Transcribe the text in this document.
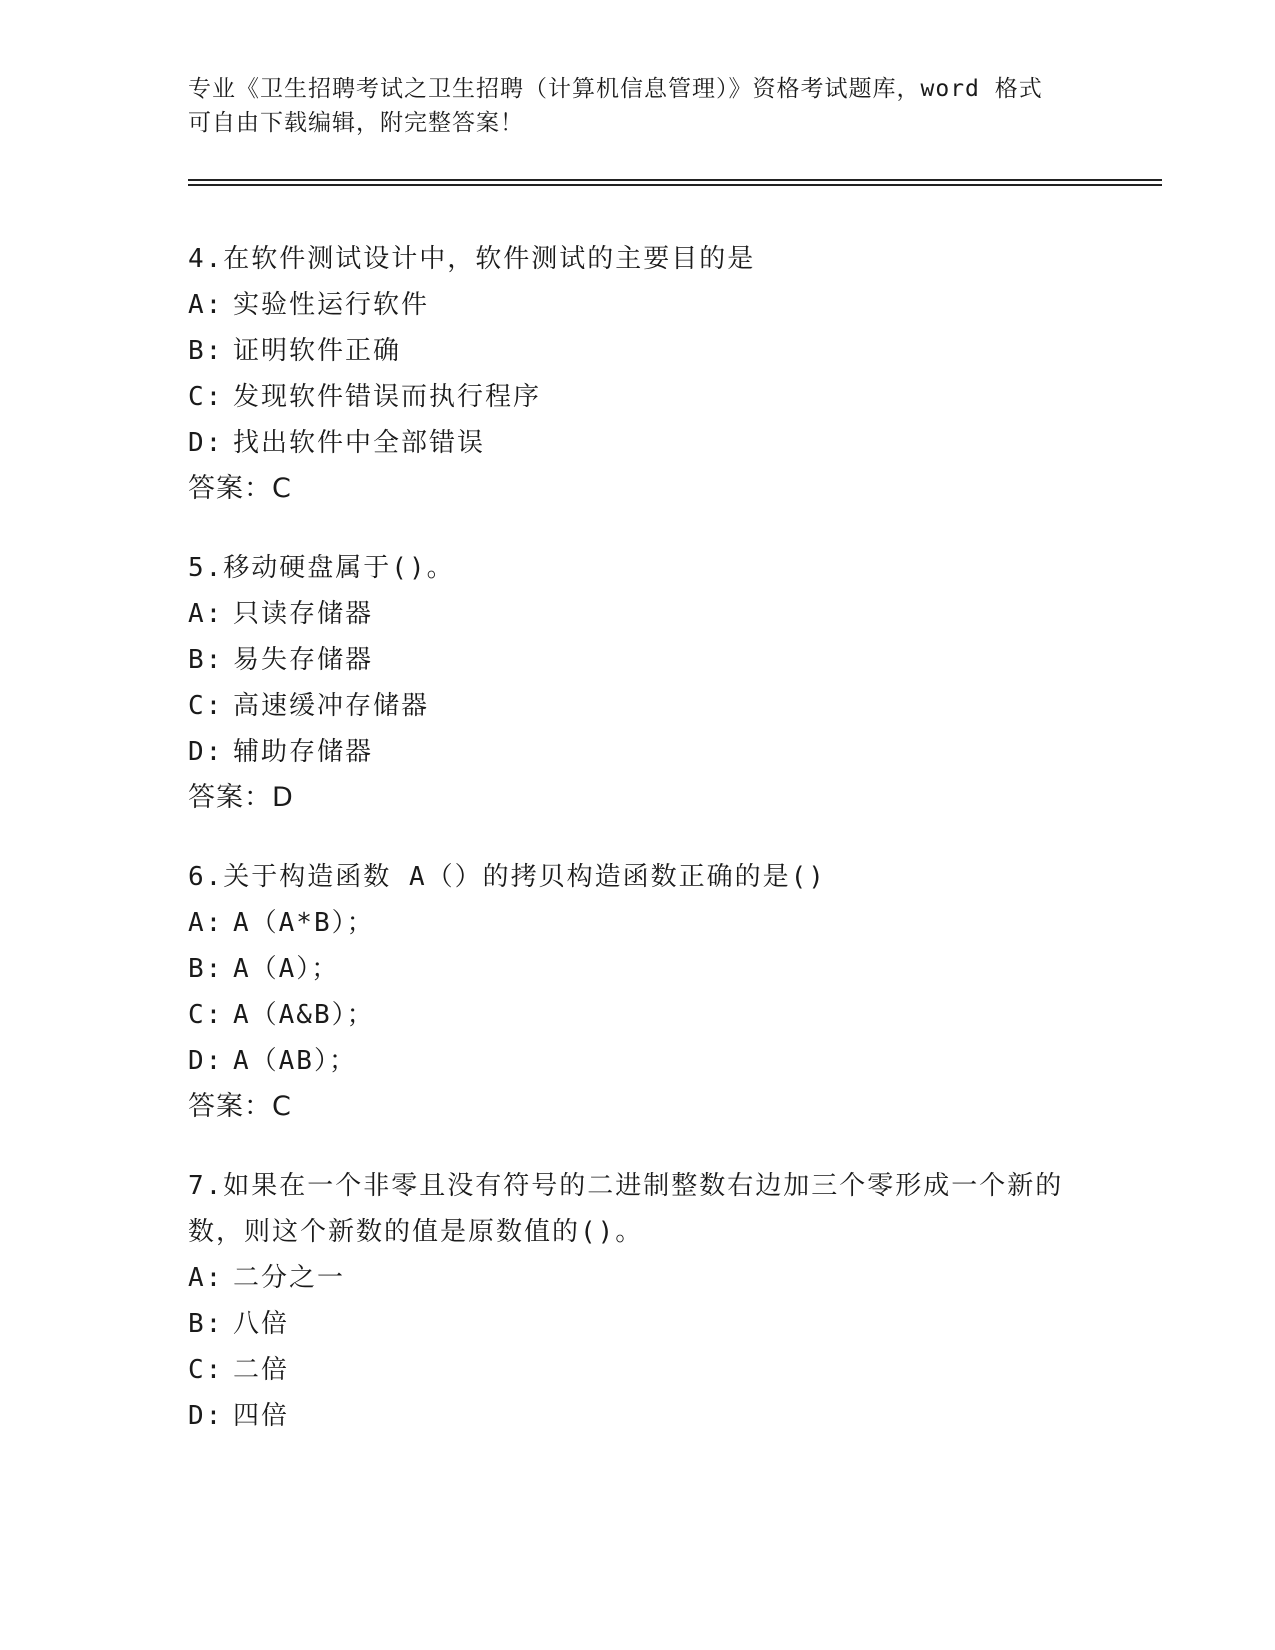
专业《卫生招聘考试之卫生招聘（计算机信息管理）》资格考试题库，word 格式
可自由下载编辑，附完整答案！

4.在软件测试设计中，软件测试的主要目的是

A: 实验性运行软件

B: 证明软件正确

C: 发现软件错误而执行程序

D: 找出软件中全部错误

答案：C

5.移动硬盘属于()。

A: 只读存储器

B: 易失存储器

C: 高速缓冲存储器

D: 辅助存储器

答案：D

6.关于构造函数 A（）的拷贝构造函数正确的是()

A: A（A*B）；

B: A（A）；

C: A（A&B）；

D: A（AB）；

答案：C

7.如果在一个非零且没有符号的二进制整数右边加三个零形成一个新的数，则这个新数的值是原数值的()。

A: 二分之一

B: 八倍

C: 二倍

D: 四倍
